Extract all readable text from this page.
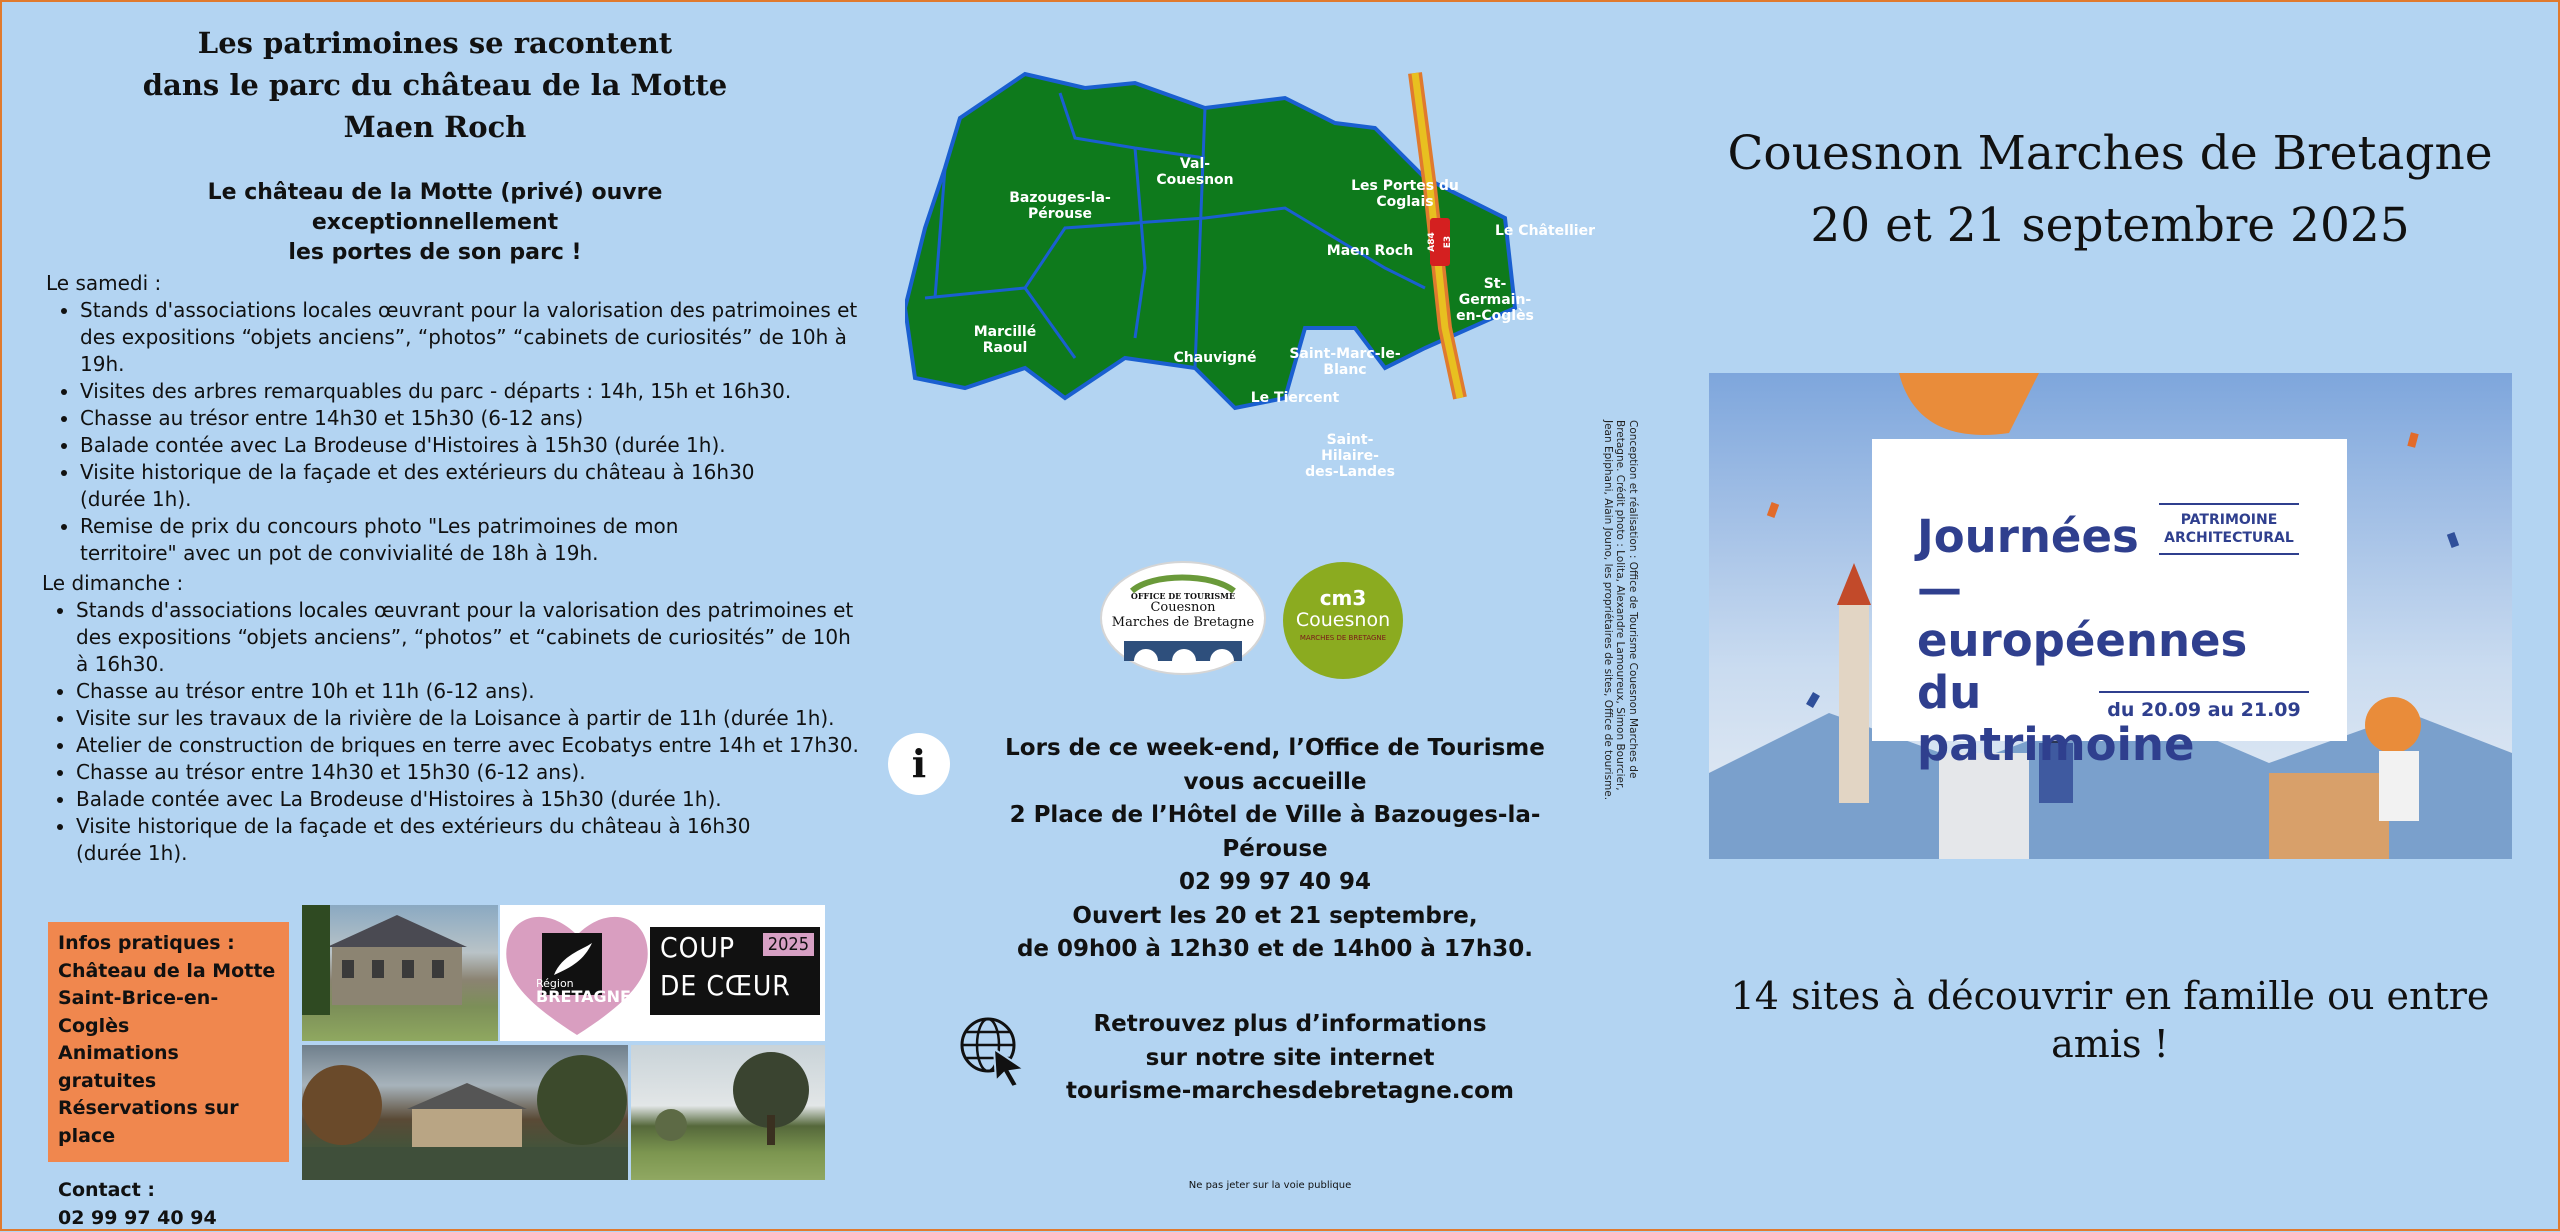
Les patrimoines se racontent
dans le parc du château de la Motte
Maen Roch
Le château de la Motte (privé) ouvre exceptionnellement
les portes de son parc !
Le samedi :
• Stands d'associations locales œuvrant pour la valorisation des patrimoines et des expositions “objets anciens”, “photos” “cabinets de curiosités” de 10h à 19h.
• Visites des arbres remarquables du parc - départs : 14h, 15h et 16h30.
• Chasse au trésor entre 14h30 et 15h30 (6-12 ans)
• Balade contée avec La Brodeuse d'Histoires à 15h30 (durée 1h).
• Visite historique de la façade et des extérieurs du château à 16h30 (durée 1h).
• Remise de prix du concours photo "Les patrimoines de mon territoire" avec un pot de convivialité de 18h à 19h.
Le dimanche :
• Stands d'associations locales œuvrant pour la valorisation des patrimoines et des expositions “objets anciens”, “photos” et “cabinets de curiosités” de 10h à 16h30.
• Chasse au trésor entre 10h et 11h (6-12 ans).
• Visite sur les travaux de la rivière de la Loisance à partir de 11h (durée 1h).
• Atelier de construction de briques en terre avec Ecobatys entre 14h et 17h30.
• Chasse au trésor entre 14h30 et 15h30 (6-12 ans).
• Balade contée avec La Brodeuse d'Histoires à 15h30 (durée 1h).
• Visite historique de la façade et des extérieurs du château à 16h30 (durée 1h).
Infos pratiques :
Château de la Motte
Saint-Brice-en-Coglès
Animations gratuites
Réservations sur place
Contact :
02 99 97 40 94
Région
BRETAGNE
COUP
DE CŒUR
2025
Bazouges-la-Pérouse
Val-Couesnon	Les Portes du Coglais
Le Châtellier
Maen Roch
St-Germain-en-Coglès
Marcillé Raoul
Chauvigné	Saint-Marc-le-Blanc
Le Tiercent
Saint-Hilaire-des-Landes
A84 E3
OFFICE DE TOURISME
Couesnon
Marches de Bretagne
cm3
Couesnon
MARCHES DE BRETAGNE
i	Lors de ce week-end, l’Office de Tourisme vous accueille
2 Place de l’Hôtel de Ville à Bazouges-la-Pérouse
02 99 97 40 94
Ouvert les 20 et 21 septembre,
de 09h00 à 12h30 et de 14h00 à 17h30.
Retrouvez plus d’informations
sur notre site internet
tourisme-marchesdebretagne.com
Ne pas jeter sur la voie publique
Conception et réalisation : Office de Tourisme Couesnon Marches de Bretagne. Crédit photo : Lolita, Alexandre Lamoureux, Simon Bourcier, Jean Epiphani, Alain Jouno, les propriétaires de sites, Office de tourisme.
Couesnon Marches de Bretagne
20 et 21 septembre 2025
Journées
—européennes
du patrimoine
PATRIMOINE
ARCHITECTURAL
du 20.09 au 21.09
14 sites à découvrir en famille ou entre amis !
